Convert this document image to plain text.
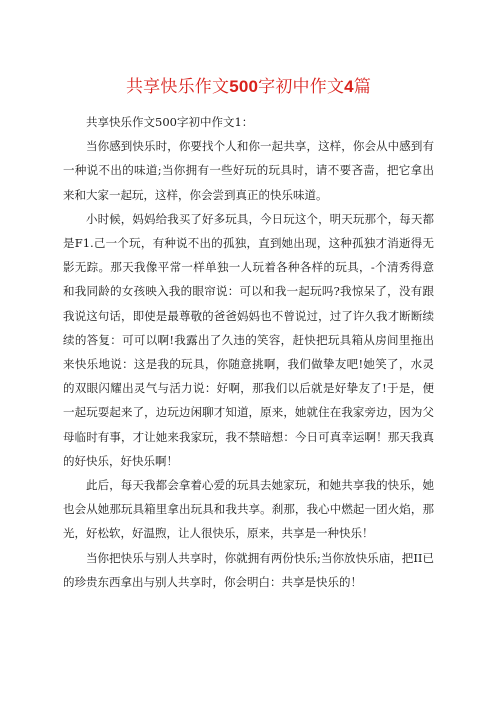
共享快乐作文500字初中作文4篇

共享快乐作文500字初中作文1：

当你感到快乐时，你要找个人和你一起共享，这样，你会从中感到有一种说不出的味道;当你拥有一些好玩的玩具时，请不要吝啬，把它拿出来和大家一起玩，这样，你会尝到真正的快乐味道。

小时候，妈妈给我买了好多玩具，今日玩这个，明天玩那个，每天都是F1.己一个玩，有种说不出的孤独，直到她出现，这种孤独才消逝得无影无踪。那天我像平常一样单独一人玩着各种各样的玩具，-个清秀得意和我同龄的女孩映入我的眼帘说：可以和我一起玩吗?我惊呆了，没有跟我说这句话，即使是最尊敬的爸爸妈妈也不曾说过，过了许久我才断断续续的答复：可可以啊!我露出了久违的笑容，赶快把玩具箱从房间里拖出来快乐地说：这是我的玩具，你随意挑啊，我们做挚友吧!她笑了，水灵的双眼闪耀出灵气与活力说：好啊，那我们以后就是好挚友了!于是，便一起玩耍起来了，边玩边闲聊才知道，原来，她就住在我家旁边，因为父母临时有事，才让她来我家玩，我不禁暗想：今日可真幸运啊！那天我真的好快乐，好快乐啊！

此后，每天我都会拿着心爱的玩具去她家玩，和她共享我的快乐，她也会从她那玩具箱里拿出玩具和我共享。刹那，我心中燃起一团火焰，那光，好松软，好温煦，让人很快乐，原来，共享是一种快乐！

当你把快乐与别人共享时，你就拥有两份快乐;当你放快乐庙，把II已的珍贵东西拿出与别人共享时，你会明白：共享是快乐的！
